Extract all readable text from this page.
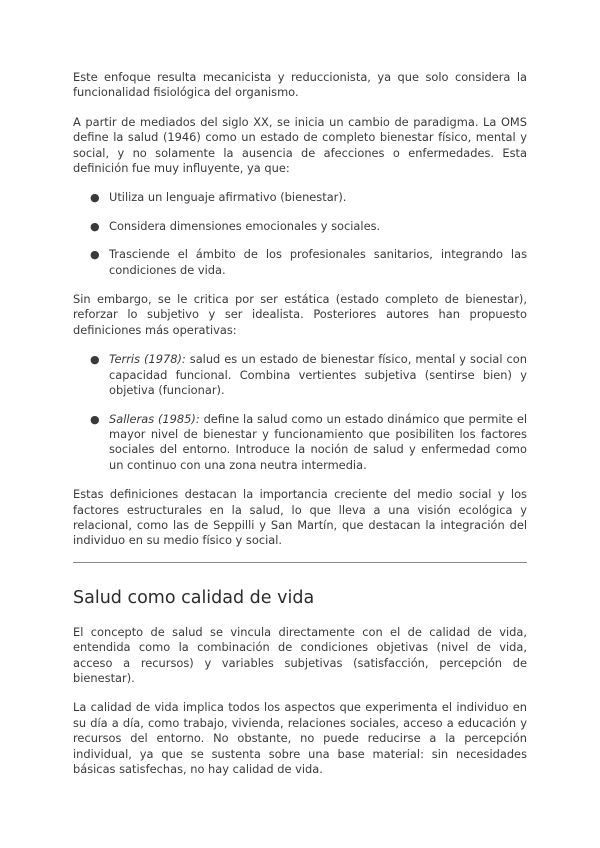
Este enfoque resulta mecanicista y reduccionista, ya que solo considera la funcionalidad fisiológica del organismo.

A partir de mediados del siglo XX, se inicia un cambio de paradigma. La OMS define la salud (1946) como un estado de completo bienestar físico, mental y social, y no solamente la ausencia de afecciones o enfermedades. Esta definición fue muy influyente, ya que:

● Utiliza un lenguaje afirmativo (bienestar).
● Considera dimensiones emocionales y sociales.
● Trasciende el ámbito de los profesionales sanitarios, integrando las condiciones de vida.

Sin embargo, se le critica por ser estática (estado completo de bienestar), reforzar lo subjetivo y ser idealista. Posteriores autores han propuesto definiciones más operativas:

● Terris (1978): salud es un estado de bienestar físico, mental y social con capacidad funcional. Combina vertientes subjetiva (sentirse bien) y objetiva (funcionar).
● Salleras (1985): define la salud como un estado dinámico que permite el mayor nivel de bienestar y funcionamiento que posibiliten los factores sociales del entorno. Introduce la noción de salud y enfermedad como un continuo con una zona neutra intermedia.

Estas definiciones destacan la importancia creciente del medio social y los factores estructurales en la salud, lo que lleva a una visión ecológica y relacional, como las de Seppilli y San Martín, que destacan la integración del individuo en su medio físico y social.

Salud como calidad de vida

El concepto de salud se vincula directamente con el de calidad de vida, entendida como la combinación de condiciones objetivas (nivel de vida, acceso a recursos) y variables subjetivas (satisfacción, percepción de bienestar).

La calidad de vida implica todos los aspectos que experimenta el individuo en su día a día, como trabajo, vivienda, relaciones sociales, acceso a educación y recursos del entorno. No obstante, no puede reducirse a la percepción individual, ya que se sustenta sobre una base material: sin necesidades básicas satisfechas, no hay calidad de vida.
